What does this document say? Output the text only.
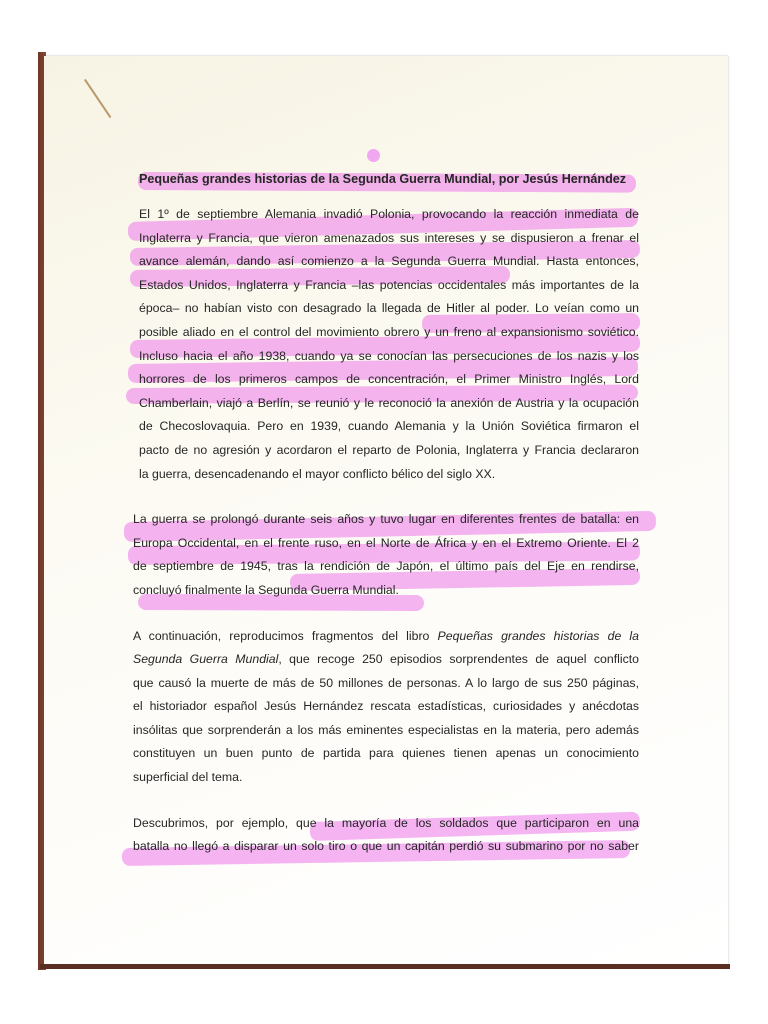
Pequeñas grandes historias de la Segunda Guerra Mundial, por Jesús Hernández
El 1º de septiembre Alemania invadió Polonia, provocando la reacción inmediata de
Inglaterra y Francia, que vieron amenazados sus intereses y se dispusieron a frenar el
avance alemán, dando así comienzo a la Segunda Guerra Mundial. Hasta entonces,
Estados Unidos, Inglaterra y Francia –las potencias occidentales más importantes de la
época– no habían visto con desagrado la llegada de Hitler al poder. Lo veían como un
posible aliado en el control del movimiento obrero y un freno al expansionismo soviético.
Incluso hacia el año 1938, cuando ya se conocían las persecuciones de los nazis y los
horrores de los primeros campos de concentración, el Primer Ministro Inglés, Lord
Chamberlain, viajó a Berlín, se reunió y le reconoció la anexión de Austria y la ocupación
de Checoslovaquia. Pero en 1939, cuando Alemania y la Unión Soviética firmaron el
pacto de no agresión y acordaron el reparto de Polonia, Inglaterra y Francia declararon
la guerra, desencadenando el mayor conflicto bélico del siglo XX.
La guerra se prolongó durante seis años y tuvo lugar en diferentes frentes de batalla: en
Europa Occidental, en el frente ruso, en el Norte de África y en el Extremo Oriente. El 2
de septiembre de 1945, tras la rendición de Japón, el último país del Eje en rendirse,
concluyó finalmente la Segunda Guerra Mundial.
A continuación, reproducimos fragmentos del libro Pequeñas grandes historias de la
Segunda Guerra Mundial, que recoge 250 episodios sorprendentes de aquel conflicto
que causó la muerte de más de 50 millones de personas. A lo largo de sus 250 páginas,
el historiador español Jesús Hernández rescata estadísticas, curiosidades y anécdotas
insólitas que sorprenderán a los más eminentes especialistas en la materia, pero además
constituyen un buen punto de partida para quienes tienen apenas un conocimiento
superficial del tema.
Descubrimos, por ejemplo, que la mayoría de los soldados que participaron en una
batalla no llegó a disparar un solo tiro o que un capitán perdió su submarino por no saber
